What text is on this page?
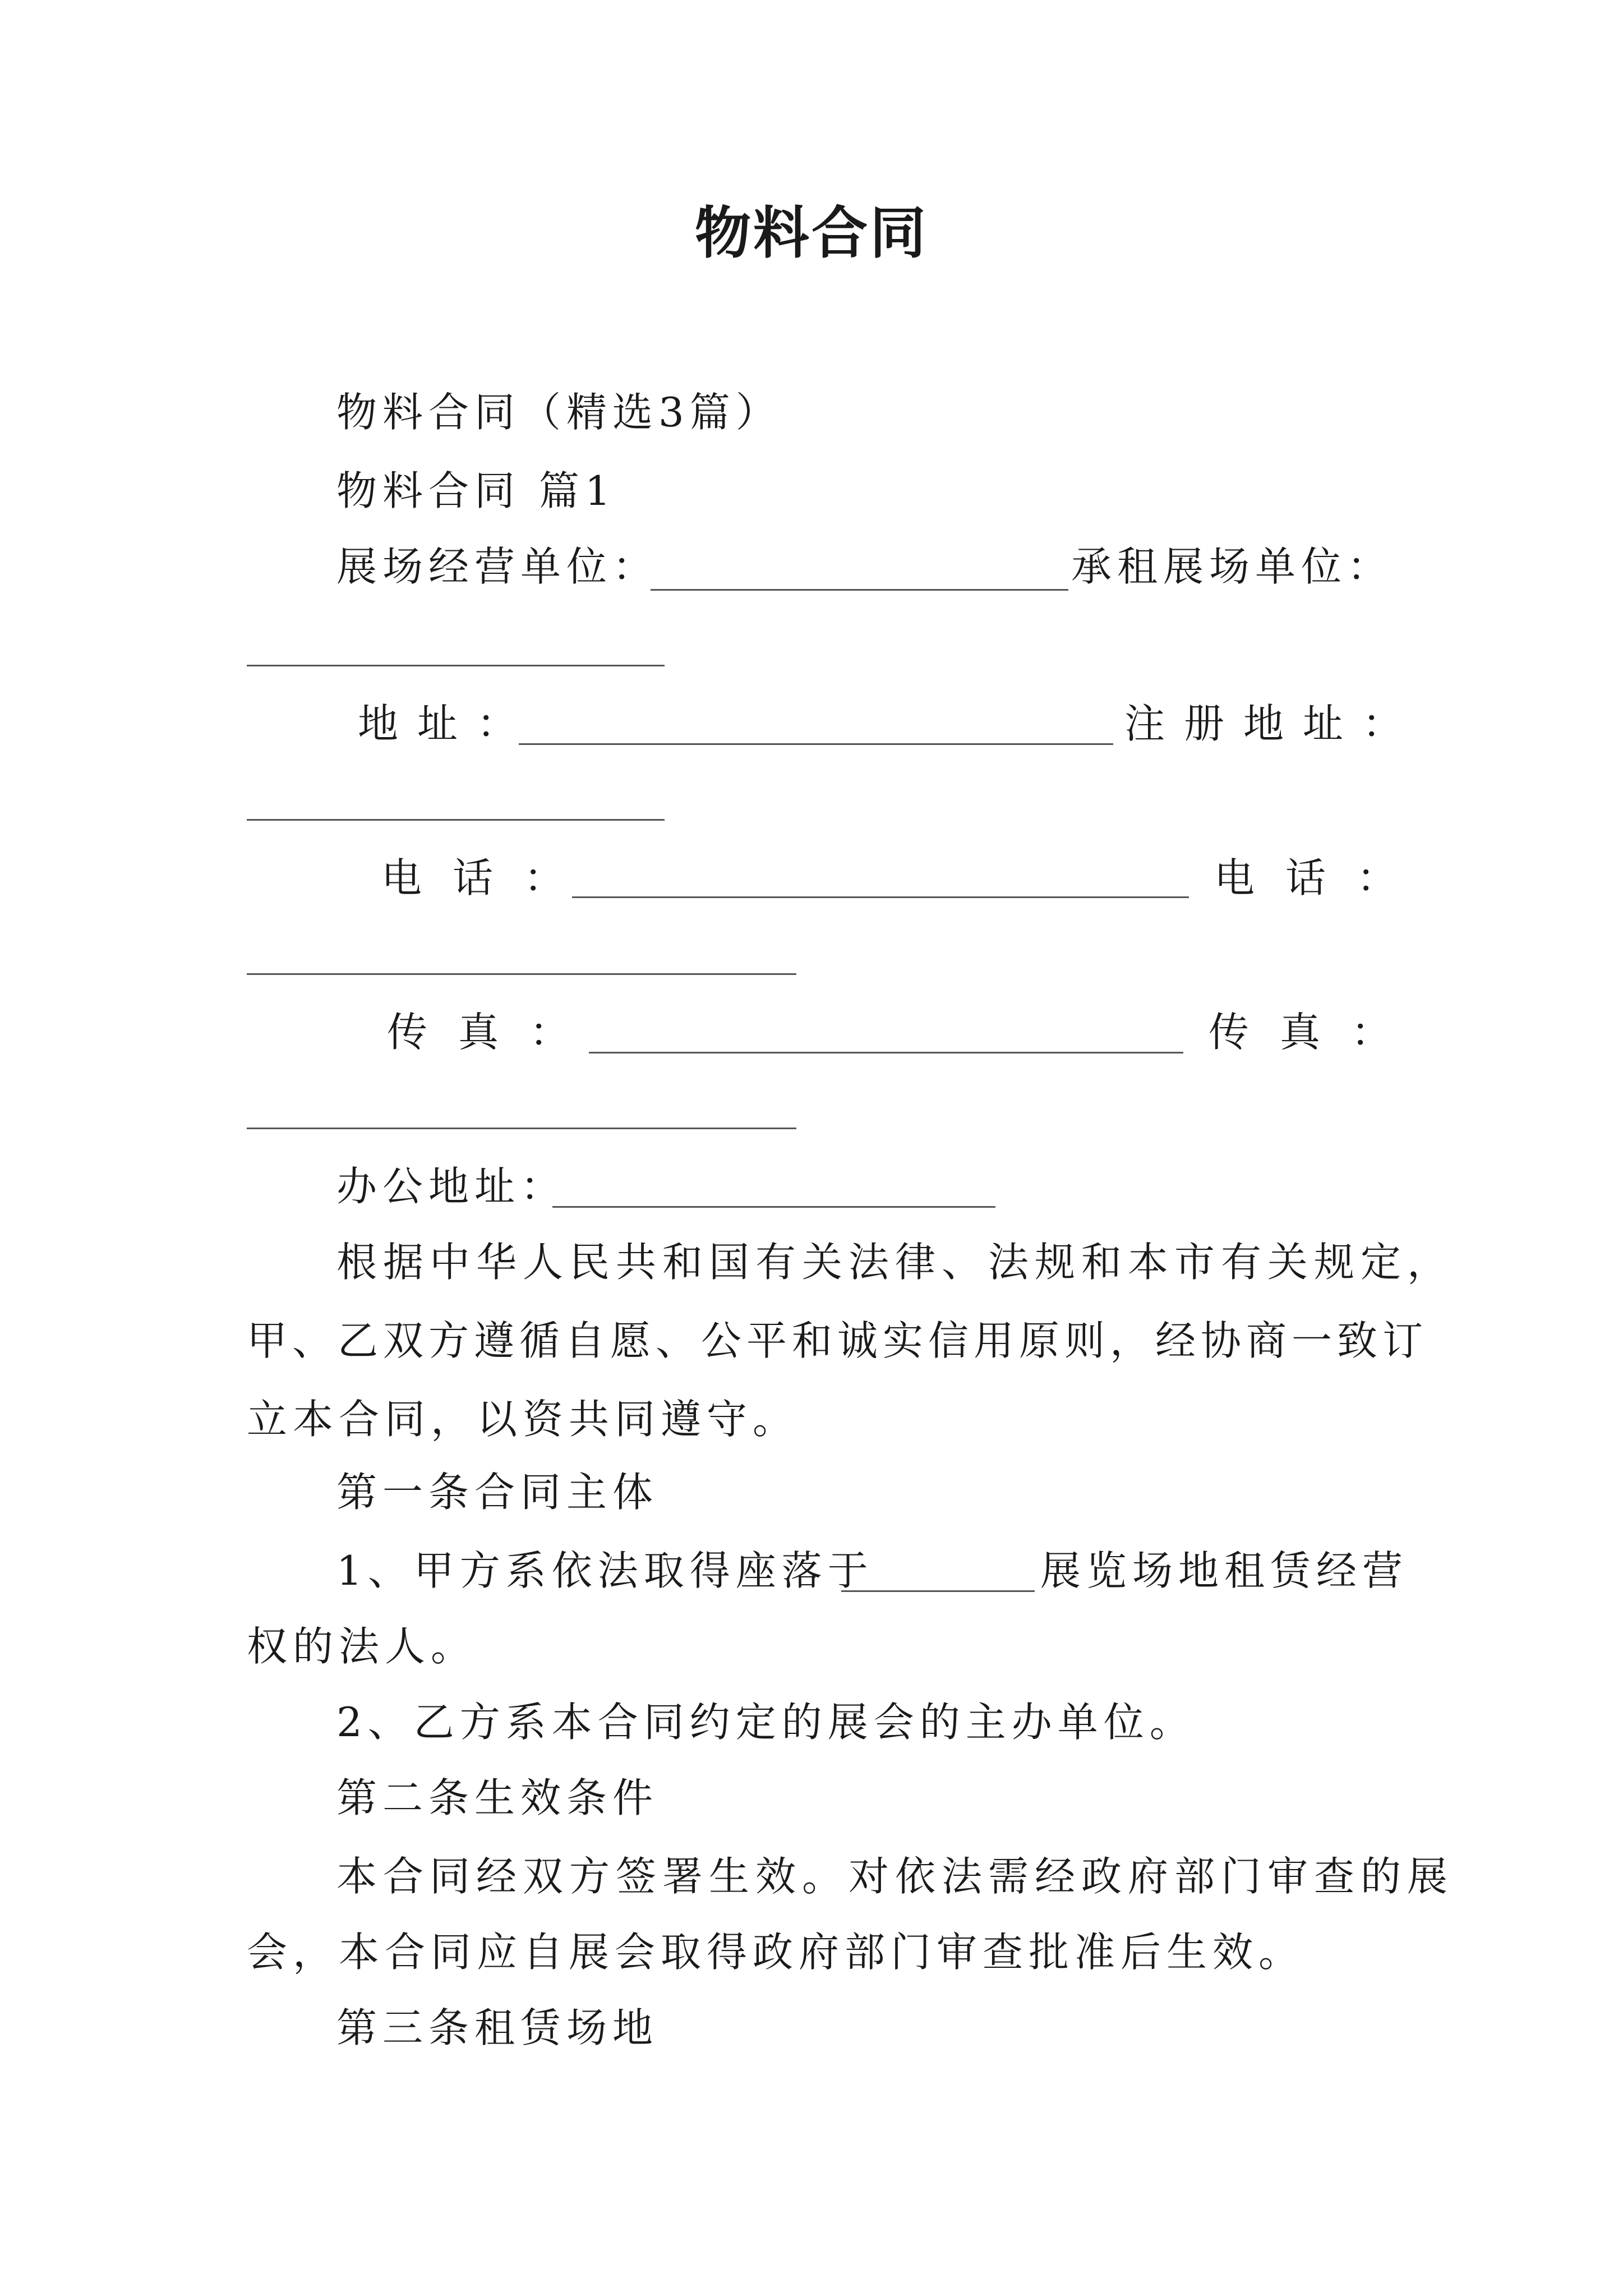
物料合同
物料合同（精选3篇）
物料合同 篇1
展场经营单位：	承租展场单位：
地址：	注册地址：
电话：	电话：
传真：	传真：
办公地址：
根据中华人民共和国有关法律、法规和本市有关规定，
甲、乙双方遵循自愿、公平和诚实信用原则，经协商一致订
立本合同，以资共同遵守。
第一条合同主体
1、甲方系依法取得座落于	展览场地租赁经营
权的法人。
2、乙方系本合同约定的展会的主办单位。
第二条生效条件
本合同经双方签署生效。对依法需经政府部门审查的展
会，本合同应自展会取得政府部门审查批准后生效。
第三条租赁场地
